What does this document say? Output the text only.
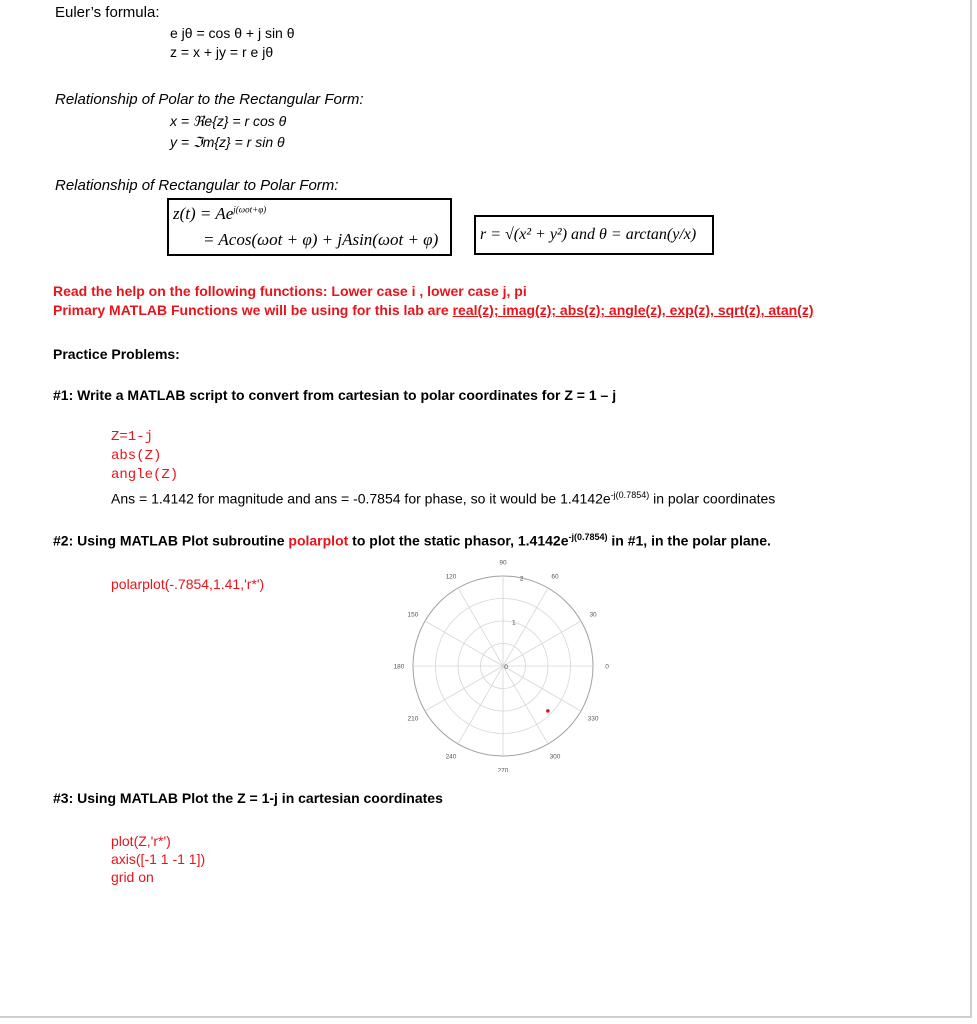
Euler’s formula:
e jθ = cos θ + j sin θ
z = x + jy = r e jθ
Relationship of Polar to the Rectangular Form:
x = ℜe{z} = r cos θ
y = ℑm{z} = r sin θ
Relationship of Rectangular to Polar Form:
$z(t) = Ae^{j(\omega ot+\varphi)}$
= Acos(ωot + φ) + jAsin(ωot + φ)	r = √(x² + y²) and θ = arctan(y/x)
Read the help on the following functions: Lower case i , lower case j, pi
Primary MATLAB Functions we will be using for this lab are real(z); imag(z); abs(z); angle(z), exp(z), sqrt(z), atan(z)
Practice Problems:
#1: Write a MATLAB script to convert from cartesian to polar coordinates for Z = 1 – j
Z=1-j
abs(Z)
angle(Z)
Ans = 1.4142 for magnitude and ans = -0.7854 for phase, so it would be $1.4142e^{-j(0.7854)}$ in polar coordinates
#2: Using MATLAB Plot subroutine polarplot to plot the static phasor, $1.4142e^{-j(0.7854)}$ in #1, in the polar plane.
polarplot(-.7854,1.41,'r*')
0
30
60
90
120
150
180
210
240
270
300
330
0
1
2
#3: Using MATLAB Plot the Z = 1-j in cartesian coordinates
plot(Z,'r*')
axis([-1 1 -1 1])
grid on
